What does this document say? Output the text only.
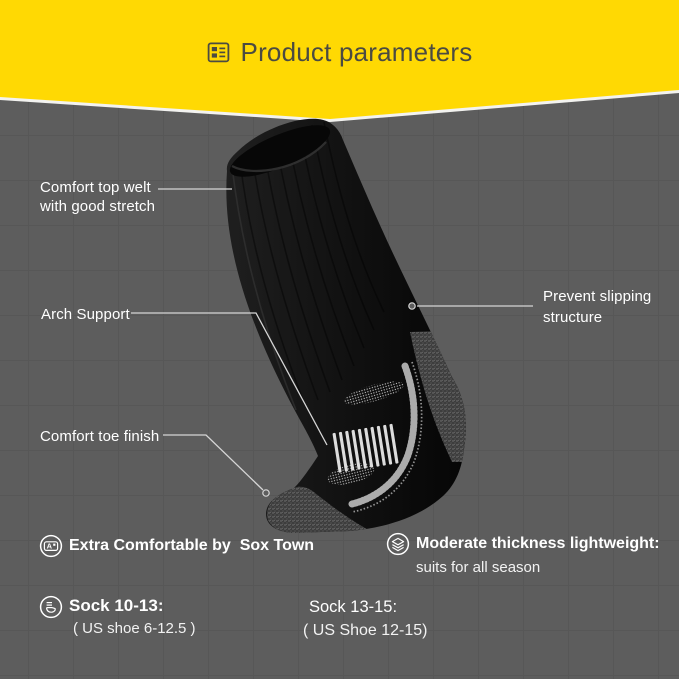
Product parameters
Comfort top welt
with good stretch
Arch Support
Comfort toe finish
Prevent slipping
structure
A Extra Comfortable by  Sox Town	Moderate thickness lightweight:
suits for all season
Sock 10-13:
( US shoe 6-12.5 )
Sock 13-15:
( US Shoe 12-15)
